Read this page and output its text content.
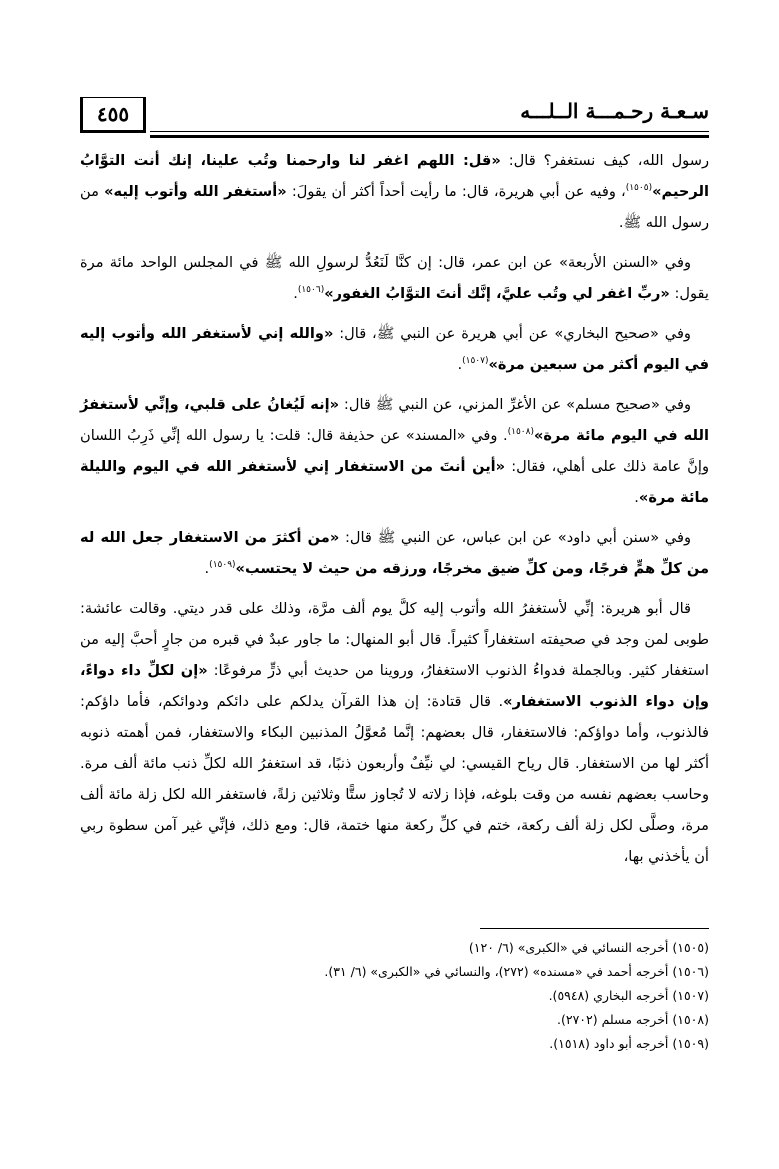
سـعـة رحـمـــة الــلـــه
٤٥٥

رسول الله، كيف نستغفر؟ قال: «قل: اللهم اغفر لنا وارحمنا وتُب علينا، إنك أنت التوَّابُ الرحيم»$^{(١٥٠٥)}$، وفيه عن أبي هريرة، قال: ما رأيت أحداً أكثر أن يقولَ: «أستغفر الله وأتوب إليه» من رسول الله ﷺ.

وفي «السنن الأربعة» عن ابن عمر، قال: إن كنَّا لَنَعُدُّ لرسولِ الله ﷺ في المجلس الواحد مائة مرة يقول: «ربِّ اغفر لي وتُب عليَّ، إنَّك أنتَ التوَّابُ الغفور»$^{(١٥٠٦)}$.

وفي «صحيح البخاري» عن أبي هريرة عن النبي ﷺ، قال: «والله إني لأستغفر الله وأتوب إليه في اليوم أكثر من سبعين مرة»$^{(١٥٠٧)}$.

وفي «صحيح مسلم» عن الأغرِّ المزني، عن النبي ﷺ قال: «إنه لَيُغانُ على قلبي، وإنِّي لأستغفرُ الله في اليوم مائة مرة»$^{(١٥٠٨)}$. وفي «المسند» عن حذيفة قال: قلت: يا رسول الله إنِّي ذَرِبُ اللسان وإنَّ عامة ذلك على أهلي، فقال: «أين أنتَ من الاستغفار إني لأستغفر الله في اليوم والليلة مائة مرة».

وفي «سنن أبي داود» عن ابن عباس، عن النبي ﷺ قال: «من أكثرَ من الاستغفار جعل الله له من كلِّ همٍّ فرجًا، ومن كلِّ ضيق مخرجًا، ورزقه من حيث لا يحتسب»$^{(١٥٠٩)}$.

قال أبو هريرة: إنِّي لأستغفرُ الله وأتوب إليه كلَّ يوم ألف مرَّة، وذلك على قدر ديتي. وقالت عائشة: طوبى لمن وجد في صحيفته استغفاراً كثيراً. قال أبو المنهال: ما جاور عبدٌ في قبره من جارٍ أحبَّ إليه من استغفار كثير. وبالجملة فدواءُ الذنوب الاستغفارُ، وروينا من حديث أبي ذرٍّ مرفوعًا: «إن لكلِّ داء دواءً، وإن دواء الذنوب الاستغفار». قال قتادة: إن هذا القرآن يدلكم على دائكم ودوائكم، فأما داؤكم: فالذنوب، وأما دواؤكم: فالاستغفار، قال بعضهم: إنَّما مُعوَّلُ المذنبين البكاء والاستغفار، فمن أهمته ذنوبه أكثر لها من الاستغفار. قال رياح القيسي: لي نيِّفٌ وأربعون ذنبًا، قد استغفرُ الله لكلِّ ذنب مائة ألف مرة. وحاسب بعضهم نفسه من وقت بلوغه، فإذا زلاته لا تُجاوز ستًّا وثلاثين زلةً، فاستغفر الله لكل زلة مائة ألف مرة، وصلَّى لكل زلة ألف ركعة، ختم في كلِّ ركعة منها ختمة، قال: ومع ذلك، فإنِّي غير آمن سطوة ربي أن يأخذني بها،

(١٥٠٥) أخرجه النسائي في «الكبرى» (٦/ ١٢٠)
(١٥٠٦) أخرجه أحمد في «مسنده» (٢٧٢)، والنسائي في «الكبرى» (٦/ ٣١).
(١٥٠٧) أخرجه البخاري (٥٩٤٨).
(١٥٠٨) أخرجه مسلم (٢٧٠٢).
(١٥٠٩) أخرجه أبو داود (١٥١٨).
